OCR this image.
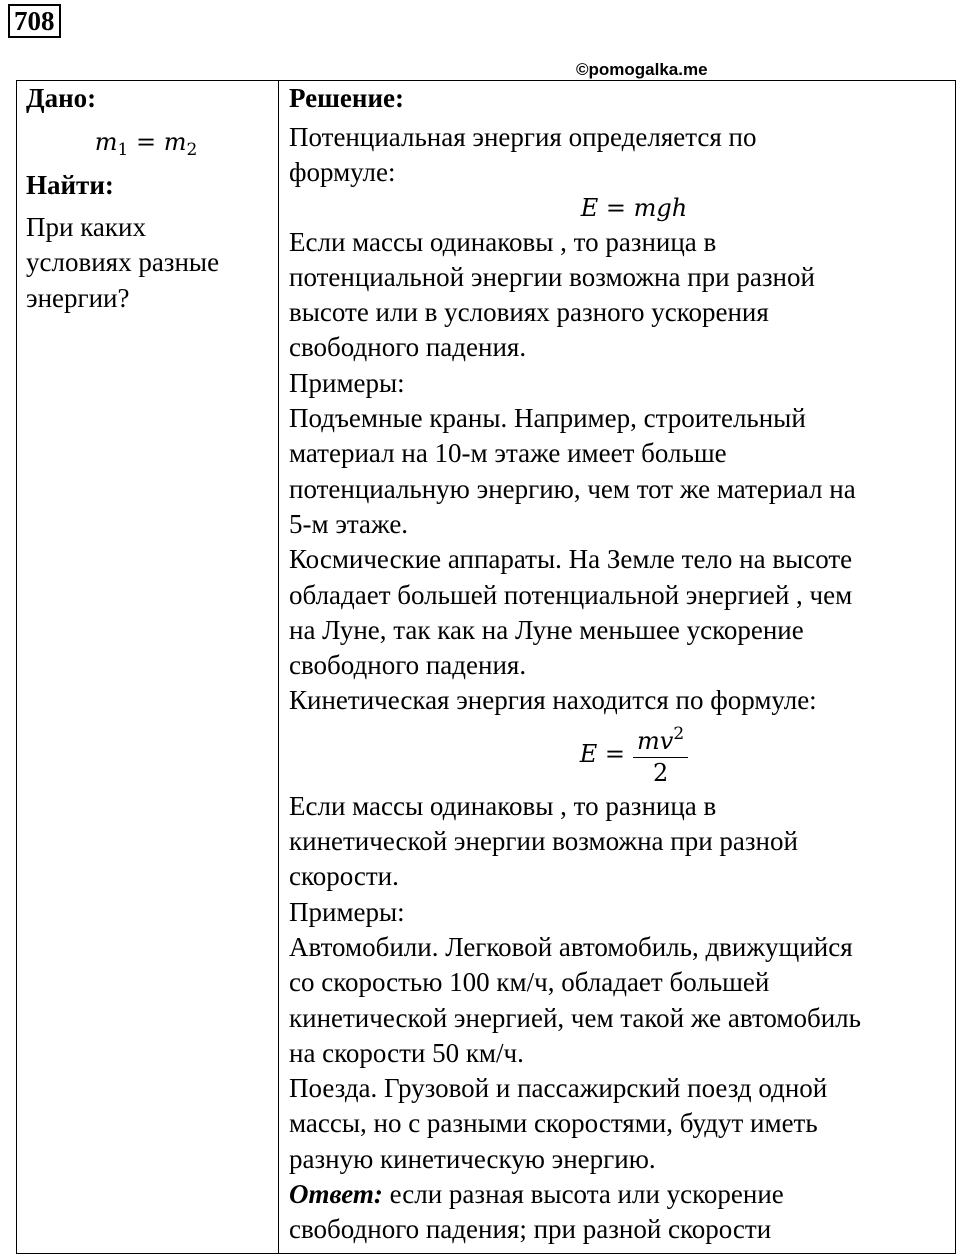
708
©pomogalka.me
Дано:
$m_1 = m_2$
Найти:
При каких
условиях разные
энергии?
Решение:
Потенциальная энергия определяется по
формуле:
E = mgh
Если массы одинаковы , то разница в
потенциальной энергии возможна при разной
высоте или в условиях разного ускорения
свободного падения.
Примеры:
Подъемные краны. Например, строительный
материал на 10-м этаже имеет больше
потенциальную энергию, чем тот же материал на
5-м этаже.
Космические аппараты. На Земле тело на высоте
обладает большей потенциальной энергией , чем
на Луне, так как на Луне меньшее ускорение
свободного падения.
Кинетическая энергия находится по формуле:
$E = \frac{mv^2}{2}$
Если массы одинаковы , то разница в
кинетической энергии возможна при разной
скорости.
Примеры:
Автомобили. Легковой автомобиль, движущийся
со скоростью 100 км/ч, обладает большей
кинетической энергией, чем такой же автомобиль
на скорости 50 км/ч.
Поезда. Грузовой и пассажирский поезд одной
массы, но с разными скоростями, будут иметь
разную кинетическую энергию.
Ответ: если разная высота или ускорение
свободного падения; при разной скорости
